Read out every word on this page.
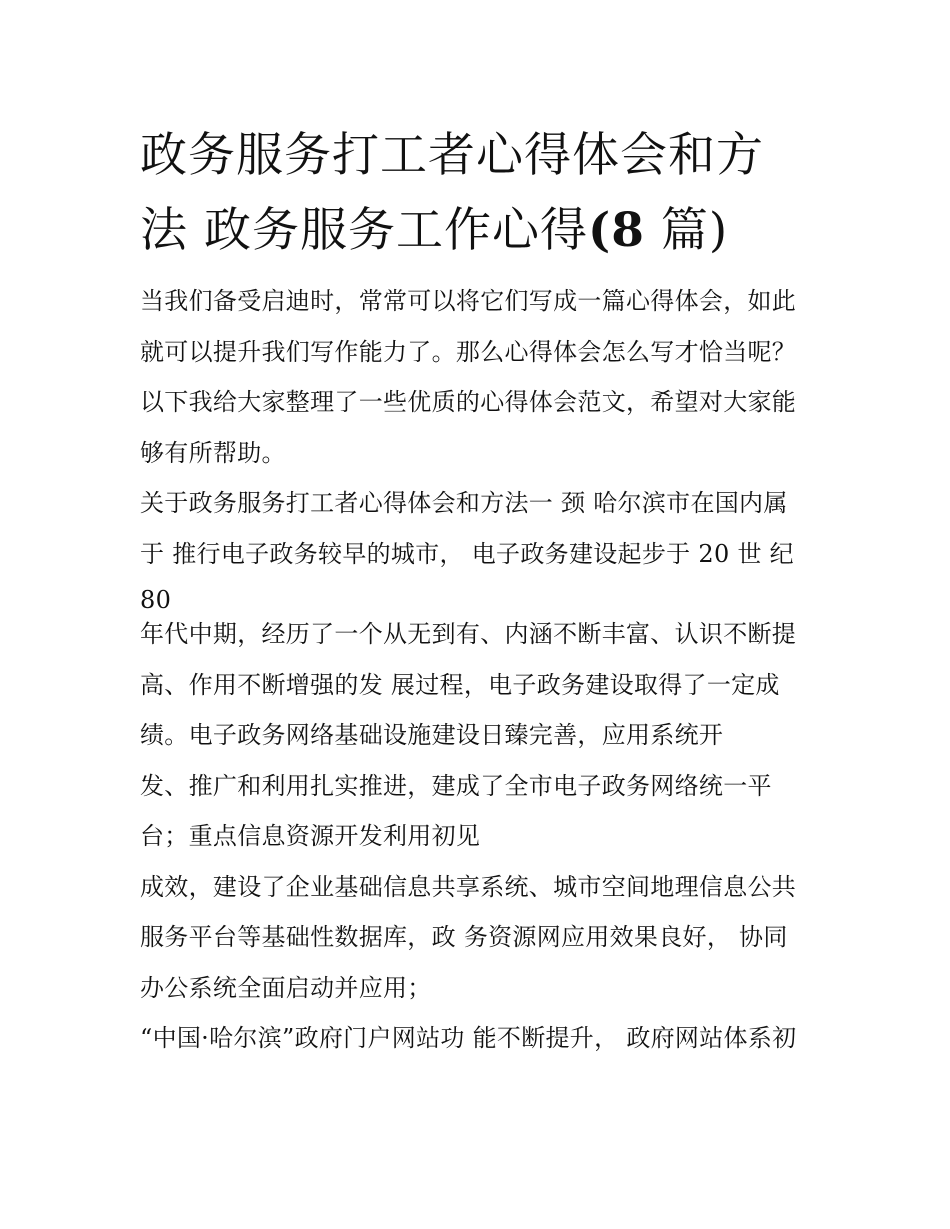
政务服务打工者心得体会和方
法 政务服务工作心得(8 篇)
当我们备受启迪时，常常可以将它们写成一篇心得体会，如此
就可以提升我们写作能力了。那么心得体会怎么写才恰当呢？
以下我给大家整理了一些优质的心得体会范文，希望对大家能
够有所帮助。
关于政务服务打工者心得体会和方法一 颈 哈尔滨市在国内属
于 推行电子政务较早的城市， 电子政务建设起步于 20 世 纪
80
年代中期，经历了一个从无到有、内涵不断丰富、认识不断提
高、作用不断增强的发 展过程，电子政务建设取得了一定成
绩。电子政务网络基础设施建设日臻完善，应用系统开
发、推广和利用扎实推进，建成了全市电子政务网络统一平
台；重点信息资源开发利用初见
成效，建设了企业基础信息共享系统、城市空间地理信息公共
服务平台等基础性数据库，政 务资源网应用效果良好， 协同
办公系统全面启动并应用；
“中国·哈尔滨”政府门户网站功 能不断提升， 政府网站体系初
